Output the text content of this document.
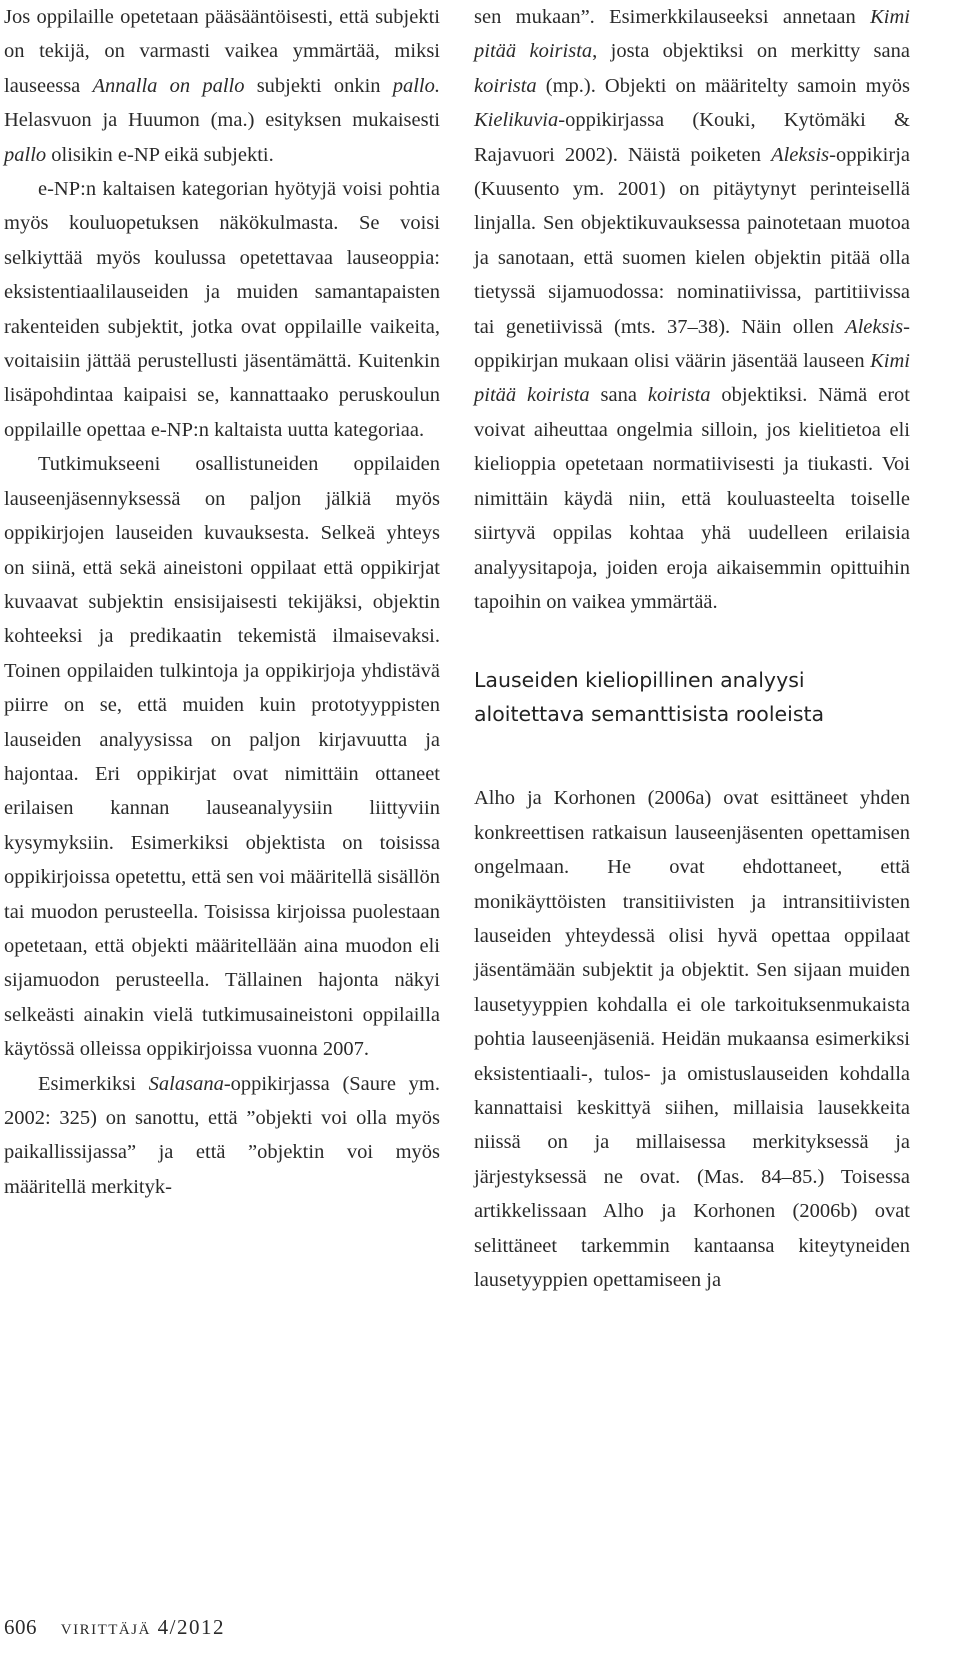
Jos oppilaille opetetaan pääsääntöisesti, että subjekti on tekijä, on varmasti vaikea ymmärtää, miksi lauseessa Annalla on pallo subjekti onkin pallo. Helasvuon ja Huumon (ma.) esityksen mukaisesti pallo olisikin e-NP eikä subjekti.

e-NP:n kaltaisen kategorian hyötyjä voisi pohtia myös kouluopetuksen näkökulmasta. Se voisi selkiyttää myös koulussa opetettavaa lauseoppia: eksistentiaalilauseiden ja muiden samantapaisten rakenteiden subjektit, jotka ovat oppilaille vaikeita, voitaisiin jättää perustellusti jäsentämättä. Kuitenkin lisäpohdintaa kaipaisi se, kannattaako peruskoulun oppilaille opettaa e-NP:n kaltaista uutta kategoriaa.

Tutkimukseeni osallistuneiden oppilaiden lauseenjäsennyksessä on paljon jälkiä myös oppikirjojen lauseiden kuvauksesta. Selkeä yhteys on siinä, että sekä aineistoni oppilaat että oppikirjat kuvaavat subjektin ensisijaisesti tekijäksi, objektin kohteeksi ja predikaatin tekemistä ilmaisevaksi. Toinen oppilaiden tulkintoja ja oppikirjoja yhdistävä piirre on se, että muiden kuin prototyyppisten lauseiden analyysissa on paljon kirjavuutta ja hajontaa. Eri oppikirjat ovat nimittäin ottaneet erilaisen kannan lauseanalyysiin liittyviin kysymyksiin. Esimerkiksi objektista on toisissa oppikirjoissa opetettu, että sen voi määritellä sisällön tai muodon perusteella. Toisissa kirjoissa puolestaan opetetaan, että objekti määritellään aina muodon eli sijamuodon perusteella. Tällainen hajonta näkyi selkeästi ainakin vielä tutkimusaineistoni oppilailla käytössä olleissa oppikirjoissa vuonna 2007.

Esimerkiksi Salasana-oppikirjassa (Saure ym. 2002: 325) on sanottu, että ”objekti voi olla myös paikallissijassa” ja että ”objektin voi myös määritellä merkityk-

sen mukaan”. Esimerkkilauseeksi annetaan Kimi pitää koirista, josta objektiksi on merkitty sana koirista (mp.). Objekti on määritelty samoin myös Kielikuvia-oppikirjassa (Kouki, Kytömäki & Rajavuori 2002). Näistä poiketen Aleksis-oppikirja (Kuusento ym. 2001) on pitäytynyt perinteisellä linjalla. Sen objektikuvauksessa painotetaan muotoa ja sanotaan, että suomen kielen objektin pitää olla tietyssä sijamuodossa: nominatiivissa, partitiivissa tai genetiivissä (mts. 37–38). Näin ollen Aleksis-oppikirjan mukaan olisi väärin jäsentää lauseen Kimi pitää koirista sana koirista objektiksi. Nämä erot voivat aiheuttaa ongelmia silloin, jos kielitietoa eli kielioppia opetetaan normatiivisesti ja tiukasti. Voi nimittäin käydä niin, että kouluasteelta toiselle siirtyvä oppilas kohtaa yhä uudelleen erilaisia analyysitapoja, joiden eroja aikaisemmin opittuihin tapoihin on vaikea ymmärtää.

Lauseiden kieliopillinen analyysi
aloitettava semanttisista rooleista

Alho ja Korhonen (2006a) ovat esittäneet yhden konkreettisen ratkaisun lauseenjäsenten opettamisen ongelmaan. He ovat ehdottaneet, että monikäyttöisten transitiivisten ja intransitiivisten lauseiden yhteydessä olisi hyvä opettaa oppilaat jäsentämään subjektit ja objektit. Sen sijaan muiden lausetyyppien kohdalla ei ole tarkoituksenmukaista pohtia lauseenjäseniä. Heidän mukaansa esimerkiksi eksistentiaali-, tulos- ja omistuslauseiden kohdalla kannattaisi keskittyä siihen, millaisia lausekkeita niissä on ja millaisessa merkityksessä ja järjestyksessä ne ovat. (Mas. 84–85.) Toisessa artikkelissaan Alho ja Korhonen (2006b) ovat selittäneet tarkemmin kantaansa kiteytyneiden lausetyyppien opettamiseen ja

606 virittäjä 4/2012
